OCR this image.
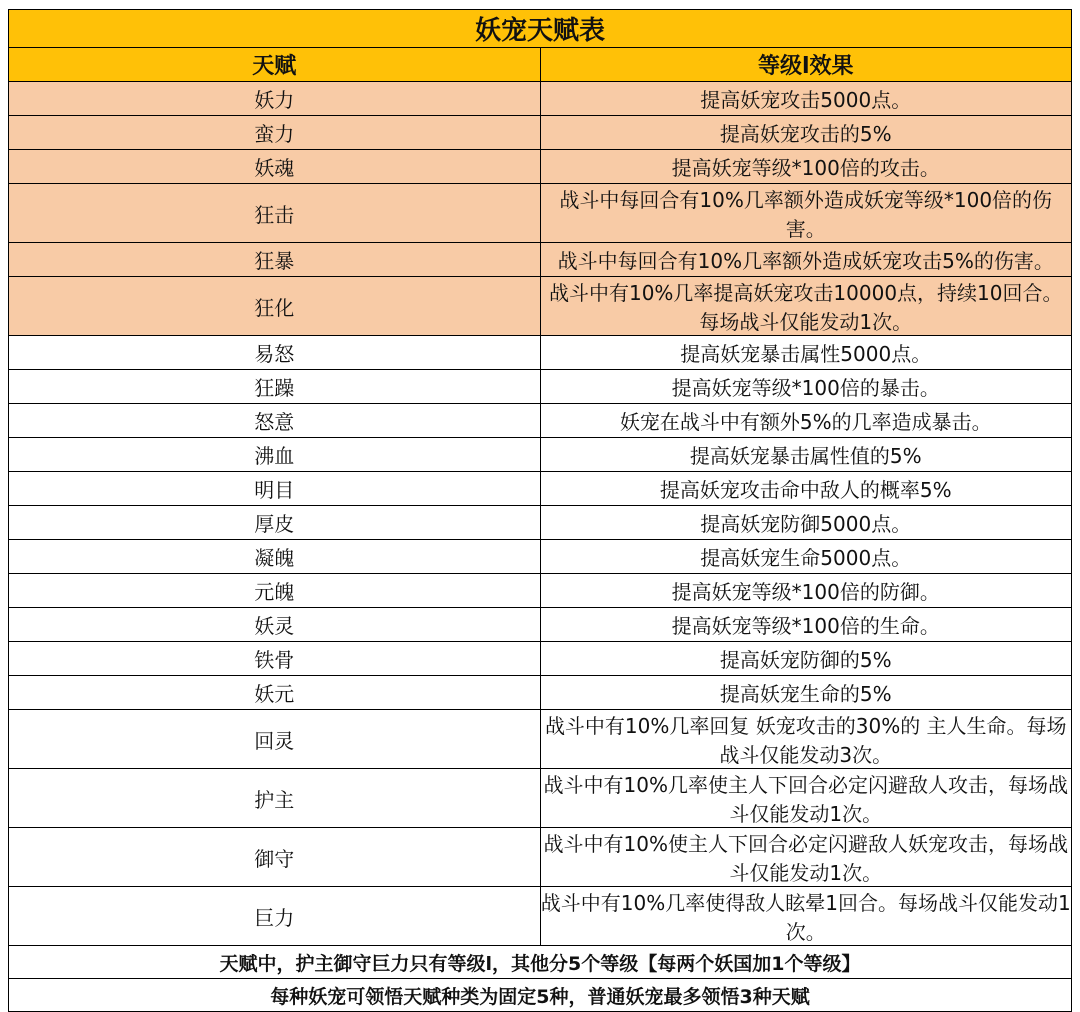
妖宠天赋表	
天赋	等级l效果
妖力	提高妖宠攻击5000点。
蛮力	提高妖宠攻击的5%
妖魂	提高妖宠等级*100倍的攻击。
狂击	战斗中每回合有10%几率额外造成妖宠等级*100倍的伤害。
狂暴	战斗中每回合有10%几率额外造成妖宠攻击5%的伤害。
狂化	战斗中有10%几率提高妖宠攻击10000点，持续10回合。每场战斗仅能发动1次。
易怒	提高妖宠暴击属性5000点。
狂躁	提高妖宠等级*100倍的暴击。
怒意	妖宠在战斗中有额外5%的几率造成暴击。
沸血	提高妖宠暴击属性值的5%
明目	提高妖宠攻击命中敌人的概率5%
厚皮	提高妖宠防御5000点。
凝魄	提高妖宠生命5000点。
元魄	提高妖宠等级*100倍的防御。
妖灵	提高妖宠等级*100倍的生命。
铁骨	提高妖宠防御的5%
妖元	提高妖宠生命的5%
回灵	战斗中有10%几率回复 妖宠攻击的30%的 主人生命。每场战斗仅能发动3次。
护主	战斗中有10%几率使主人下回合必定闪避敌人攻击，每场战斗仅能发动1次。
御守	战斗中有10%使主人下回合必定闪避敌人妖宠攻击，每场战斗仅能发动1次。
巨力	战斗中有10%几率使得敌人眩晕1回合。每场战斗仅能发动1次。
天赋中，护主御守巨力只有等级l，其他分5个等级【每两个妖国加1个等级】	
每种妖宠可领悟天赋种类为固定5种，普通妖宠最多领悟3种天赋	
